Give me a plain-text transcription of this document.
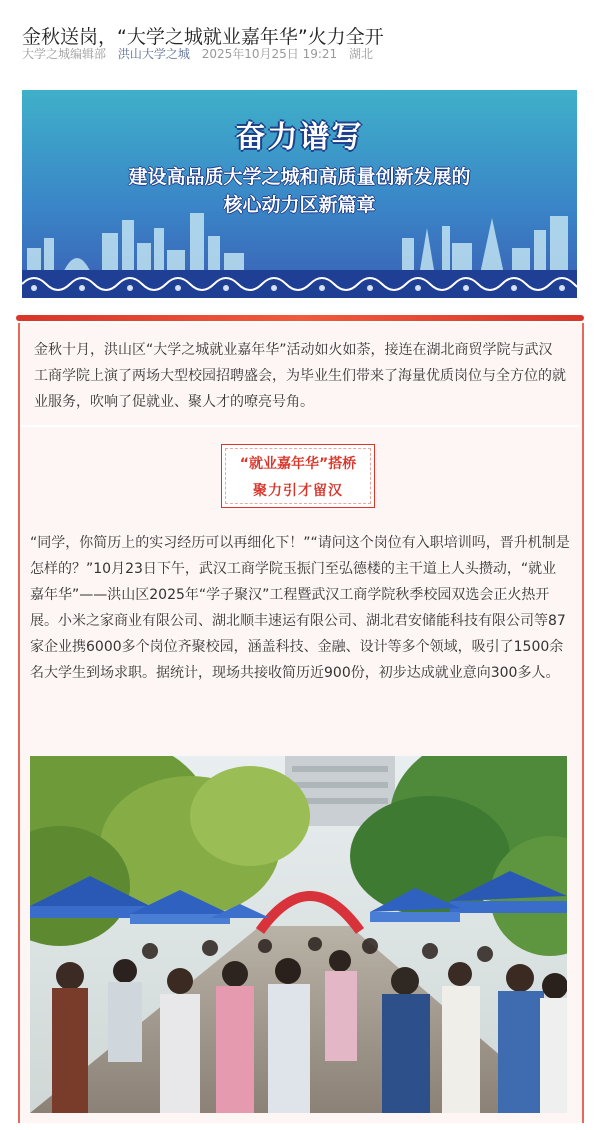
金秋送岗，“大学之城就业嘉年华”火力全开
大学之城编辑部 洪山大学之城 2025年10月25日 19:21 湖北
奋力谱写
建设高品质大学之城和高质量创新发展的
核心动力区新篇章

金秋十月，洪山区“大学之城就业嘉年华”活动如火如荼，接连在湖北商贸学院与武汉工商学院上演了两场大型校园招聘盛会，为毕业生们带来了海量优质岗位与全方位的就业服务，吹响了促就业、聚人才的嘹亮号角。

“就业嘉年华”搭桥
聚力引才留汉

“同学，你简历上的实习经历可以再细化下！”“请问这个岗位有入职培训吗，晋升机制是怎样的？”10月23日下午，武汉工商学院玉振门至弘德楼的主干道上人头攒动，“就业嘉年华”——洪山区2025年“学子聚汉”工程暨武汉工商学院秋季校园双选会正火热开展。小米之家商业有限公司、湖北顺丰速运有限公司、湖北君安储能科技有限公司等87家企业携6000多个岗位齐聚校园，涵盖科技、金融、设计等多个领域，吸引了1500余名大学生到场求职。据统计，现场共接收简历近900份，初步达成就业意向300多人。
